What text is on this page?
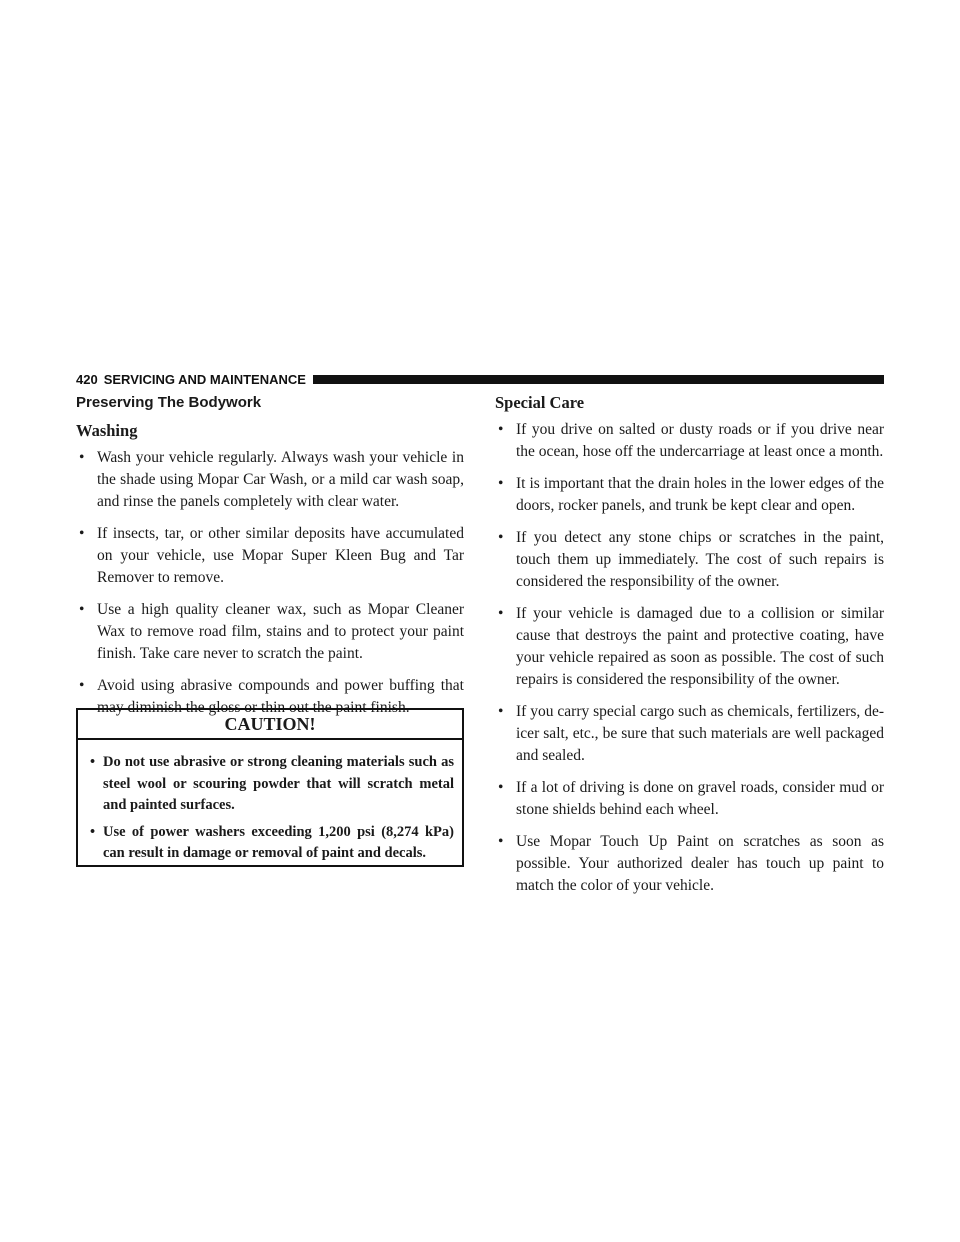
420 SERVICING AND MAINTENANCE
Preserving The Bodywork
Washing
• Wash your vehicle regularly. Always wash your vehicle in the shade using Mopar Car Wash, or a mild car wash soap, and rinse the panels completely with clear water.
• If insects, tar, or other similar deposits have accumulated on your vehicle, use Mopar Super Kleen Bug and Tar Remover to remove.
• Use a high quality cleaner wax, such as Mopar Cleaner Wax to remove road film, stains and to protect your paint finish. Take care never to scratch the paint.
• Avoid using abrasive compounds and power buffing that may diminish the gloss or thin out the paint finish.
CAUTION!
• Do not use abrasive or strong cleaning materials such as steel wool or scouring powder that will scratch metal and painted surfaces.
• Use of power washers exceeding 1,200 psi (8,274 kPa) can result in damage or removal of paint and decals.
Special Care
• If you drive on salted or dusty roads or if you drive near the ocean, hose off the undercarriage at least once a month.
• It is important that the drain holes in the lower edges of the doors, rocker panels, and trunk be kept clear and open.
• If you detect any stone chips or scratches in the paint, touch them up immediately. The cost of such repairs is considered the responsibility of the owner.
• If your vehicle is damaged due to a collision or similar cause that destroys the paint and protective coating, have your vehicle repaired as soon as possible. The cost of such repairs is considered the responsibility of the owner.
• If you carry special cargo such as chemicals, fertilizers, de-icer salt, etc., be sure that such materials are well packaged and sealed.
• If a lot of driving is done on gravel roads, consider mud or stone shields behind each wheel.
• Use Mopar Touch Up Paint on scratches as soon as possible. Your authorized dealer has touch up paint to match the color of your vehicle.
